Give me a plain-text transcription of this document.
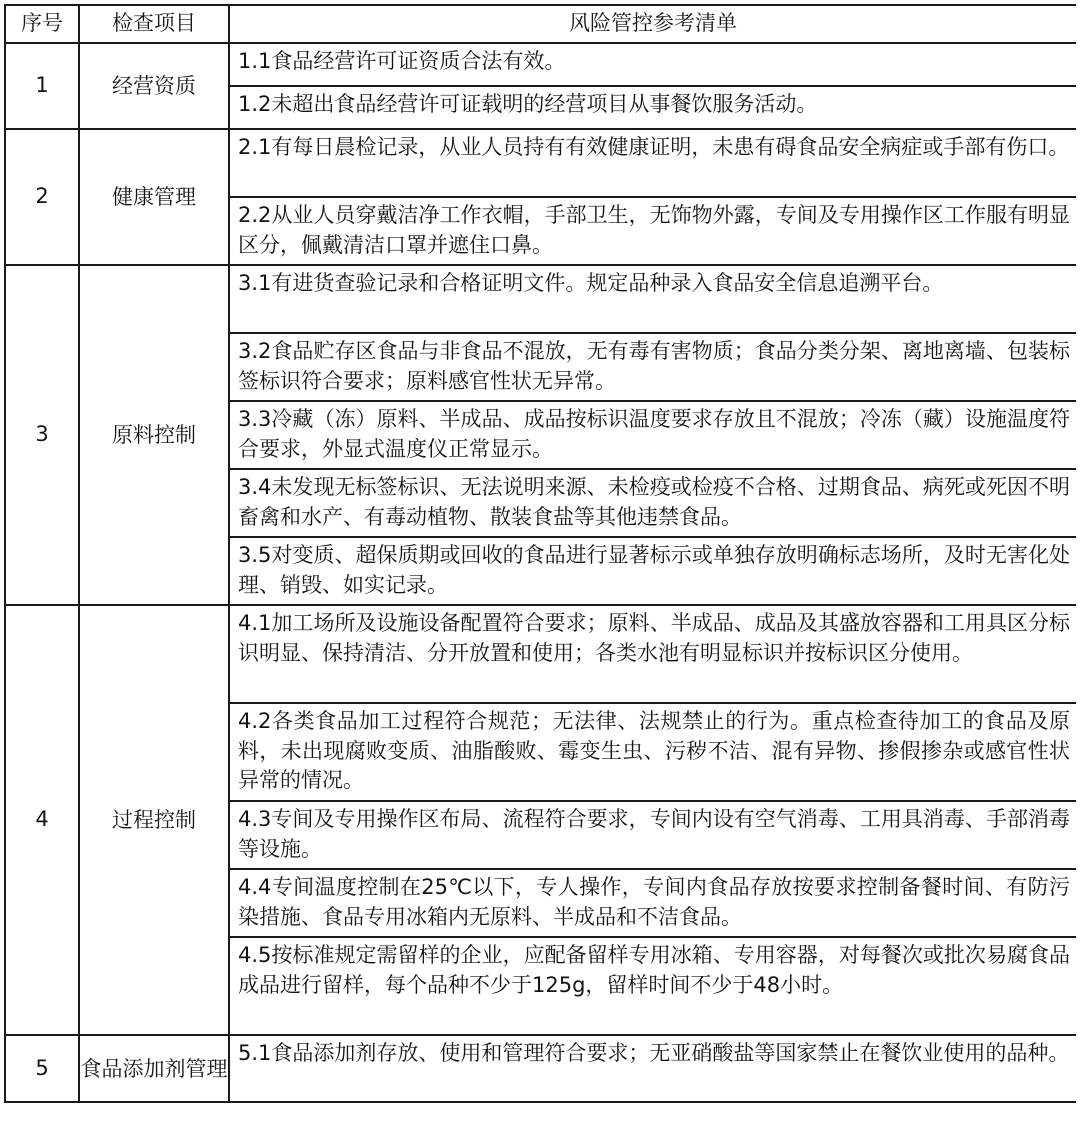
序号	检查项目	风险管控参考清单
1	经营资质	1.1食品经营许可证资质合法有效。
1.2未超出食品经营许可证载明的经营项目从事餐饮服务活动。

2	健康管理	2.1有每日晨检记录，从业人员持有有效健康证明，未患有碍食品安全病症或手部有伤口。
2.2从业人员穿戴洁净工作衣帽，手部卫生，无饰物外露，专间及专用操作区工作服有明显区分，佩戴清洁口罩并遮住口鼻。

3	原料控制	3.1有进货查验记录和合格证明文件。规定品种录入食品安全信息追溯平台。
3.2食品贮存区食品与非食品不混放，无有毒有害物质；食品分类分架、离地离墙、包装标签标识符合要求；原料感官性状无异常。
3.3冷藏（冻）原料、半成品、成品按标识温度要求存放且不混放；冷冻（藏）设施温度符合要求，外显式温度仪正常显示。
3.4未发现无标签标识、无法说明来源、未检疫或检疫不合格、过期食品、病死或死因不明畜禽和水产、有毒动植物、散装食盐等其他违禁食品。
3.5对变质、超保质期或回收的食品进行显著标示或单独存放明确标志场所，及时无害化处理、销毁、如实记录。

4	过程控制	4.1加工场所及设施设备配置符合要求；原料、半成品、成品及其盛放容器和工用具区分标识明显、保持清洁、分开放置和使用；各类水池有明显标识并按标识区分使用。
4.2各类食品加工过程符合规范；无法律、法规禁止的行为。重点检查待加工的食品及原料，未出现腐败变质、油脂酸败、霉变生虫、污秽不洁、混有异物、掺假掺杂或感官性状异常的情况。
4.3专间及专用操作区布局、流程符合要求，专间内设有空气消毒、工用具消毒、手部消毒等设施。
4.4专间温度控制在25℃以下，专人操作，专间内食品存放按要求控制备餐时间、有防污染措施、食品专用冰箱内无原料、半成品和不洁食品。
4.5按标准规定需留样的企业，应配备留样专用冰箱、专用容器，对每餐次或批次易腐食品成品进行留样，每个品种不少于125g，留样时间不少于48小时。

5	食品添加剂管理	5.1食品添加剂存放、使用和管理符合要求；无亚硝酸盐等国家禁止在餐饮业使用的品种。
